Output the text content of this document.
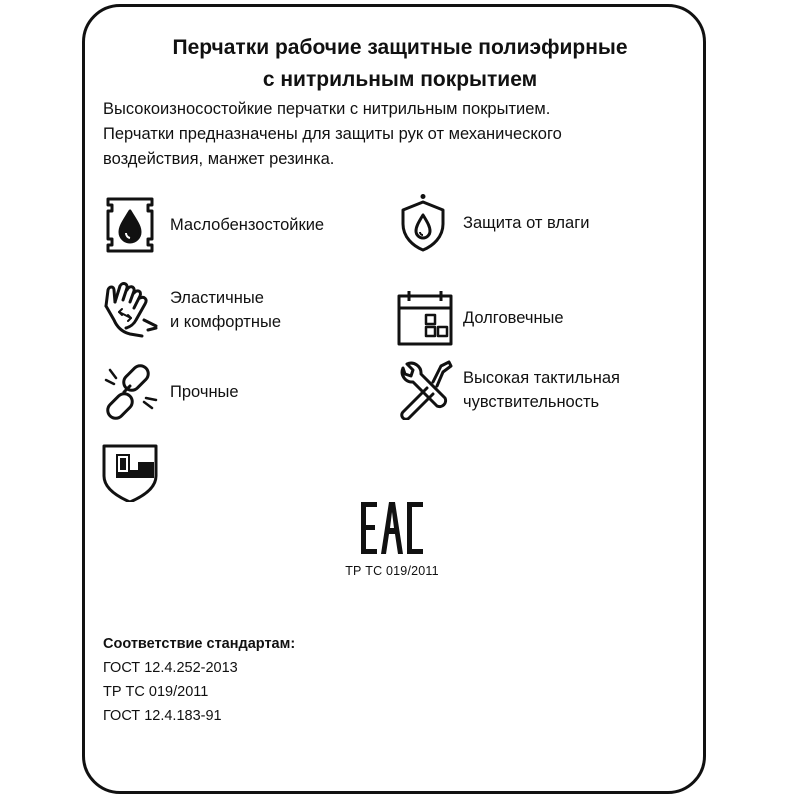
Перчатки рабочие защитные полиэфирные
с нитрильным покрытием

Высокоизносостойкие перчатки с нитрильным покрытием.
Перчатки предназначены для защиты рук от механического
воздействия, манжет резинка.

Маслобензостойкие	Защита от влаги
Эластичные
и комфортные	Долговечные
Прочные
Высокая тактильная
чувствительность
ТР ТС 019/2011
Соответствие стандартам:
ГОСТ 12.4.252-2013
ТР ТС 019/2011
ГОСТ 12.4.183-91
